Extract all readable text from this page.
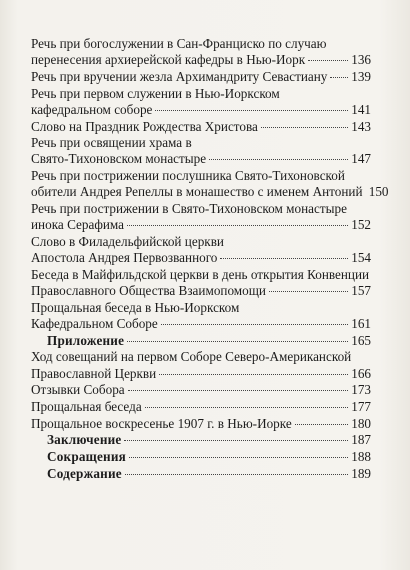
Речь при богослужении в Сан-Франциско по случаю
перенесения архиерейской кафедры в Нью-Иорк	136
Речь при вручении жезла Архимандриту Севастиану 139
Речь при первом служении в Нью-Иоркском
кафедральном соборе	141
Слово на Праздник Рождества Христова	143
Речь при освящении храма в
Свято-Тихоновском монастыре	147
Речь при пострижении послушника Свято-Тихоновской
обители Андрея Репеллы в монашество с именем Антоний 150
Речь при пострижении в Свято-Тихоновском монастыре
инока Серафима	152
Слово в Филадельфийской церкви
Апостола Андрея Первозванного	154
Беседа в Майфильдской церкви в день открытия Конвенции
Православного Общества Взаимопомощи	157
Прощальная беседа в Нью-Иоркском
Кафедральном Соборе	161
Приложение	165
Ход совещаний на первом Соборе Северо-Американской
Православной Церкви	166
Отзывки Собора	173
Прощальная беседа	177
Прощальное воскресенье 1907 г. в Нью-Иорке	180
Заключение	187
Сокращения	188
Содержание	189
